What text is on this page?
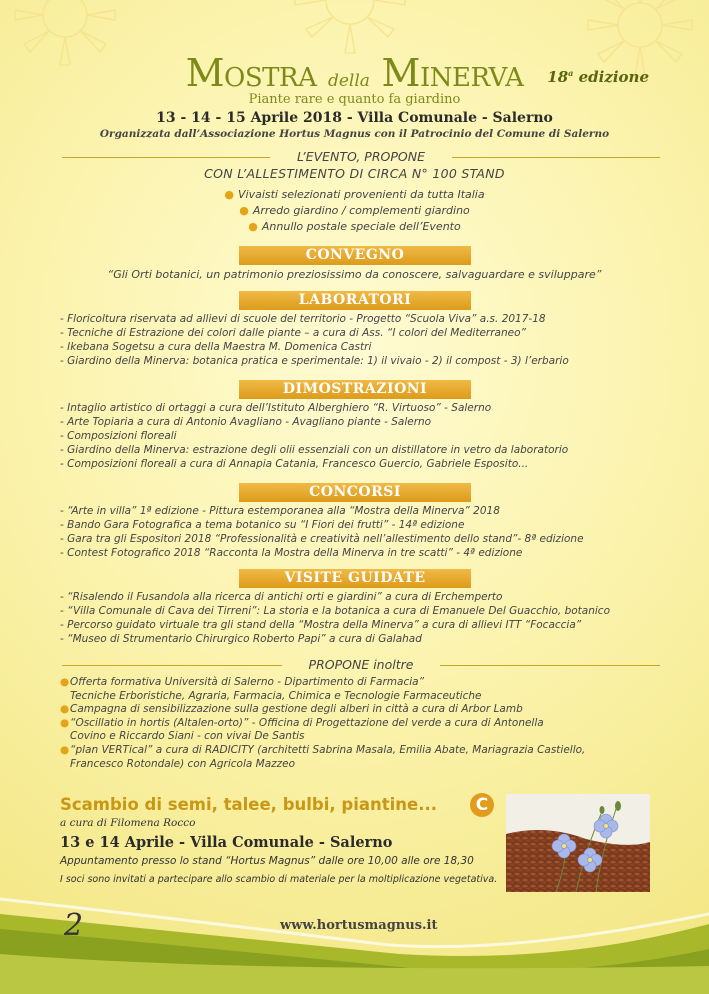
MOSTRA della MINERVA	18$^a$ edizione
Piante rare e quanto fa giardino
13 - 14 - 15 Aprile 2018 - Villa Comunale - Salerno
Organizzata dall’Associazione Hortus Magnus con il Patrocinio del Comune di Salerno
L’EVENTO, PROPONE
CON L’ALLESTIMENTO DI CIRCA N° 100 STAND
● Vivaisti selezionati provenienti da tutta Italia
● Arredo giardino / complementi giardino
● Annullo postale speciale dell’Evento
CONVEGNO
“Gli Orti botanici, un patrimonio preziosissimo da conoscere, salvaguardare e sviluppare”
LABORATORI
- Floricoltura riservata ad allievi di scuole del territorio - Progetto “Scuola Viva” a.s. 2017-18
- Tecniche di Estrazione dei colori dalle piante – a cura di Ass. “I colori del Mediterraneo”
- Ikebana Sogetsu a cura della Maestra M. Domenica Castri
- Giardino della Minerva: botanica pratica e sperimentale: 1) il vivaio - 2) il compost - 3) l’erbario
DIMOSTRAZIONI
- Intaglio artistico di ortaggi a cura dell’Istituto Alberghiero “R. Virtuoso” - Salerno
- Arte Topiaria a cura di Antonio Avagliano - Avagliano piante - Salerno
- Composizioni floreali
- Giardino della Minerva: estrazione degli olii essenziali con un distillatore in vetro da laboratorio
- Composizioni floreali a cura di Annapia Catania, Francesco Guercio, Gabriele Esposito...
CONCORSI
- “Arte in villa” 1ª edizione - Pittura estemporanea alla “Mostra della Minerva” 2018
- Bando Gara Fotografica a tema botanico su “I Fiori dei frutti” - 14ª edizione
- Gara tra gli Espositori 2018 “Professionalità e creatività nell’allestimento dello stand”- 8ª edizione
- Contest Fotografico 2018 “Racconta la Mostra della Minerva in tre scatti” - 4ª edizione
VISITE GUIDATE
- “Risalendo il Fusandola alla ricerca di antichi orti e giardini” a cura di Erchemperto
- “Villa Comunale di Cava dei Tirreni”: La storia e la botanica a cura di Emanuele Del Guacchio, botanico
- Percorso guidato virtuale tra gli stand della “Mostra della Minerva” a cura di allievi ITT “Focaccia”
- “Museo di Strumentario Chirurgico Roberto Papi” a cura di Galahad
PROPONE inoltre
● Offerta formativa Università di Salerno - Dipartimento di Farmacia”
Tecniche Erboristiche, Agraria, Farmacia, Chimica e Tecnologie Farmaceutiche
● Campagna di sensibilizzazione sulla gestione degli alberi in città a cura di Arbor Lamb
● “Oscillatio in hortis (Altalen-orto)” - Officina di Progettazione del verde a cura di Antonella
Covino e Riccardo Siani - con vivai De Santis
● “plan VERTical” a cura di RADICITY (architetti Sabrina Masala, Emilia Abate, Mariagrazia Castiello,
Francesco Rotondale) con Agricola Mazzeo
Scambio di semi, talee, bulbi, piantine...	C
a cura di Filomena Rocco
13 e 14 Aprile - Villa Comunale - Salerno
Appuntamento presso lo stand “Hortus Magnus” dalle ore 10,00 alle ore 18,30
I soci sono invitati a partecipare allo scambio di materiale per la moltiplicazione vegetativa.
2	www.hortusmagnus.it
